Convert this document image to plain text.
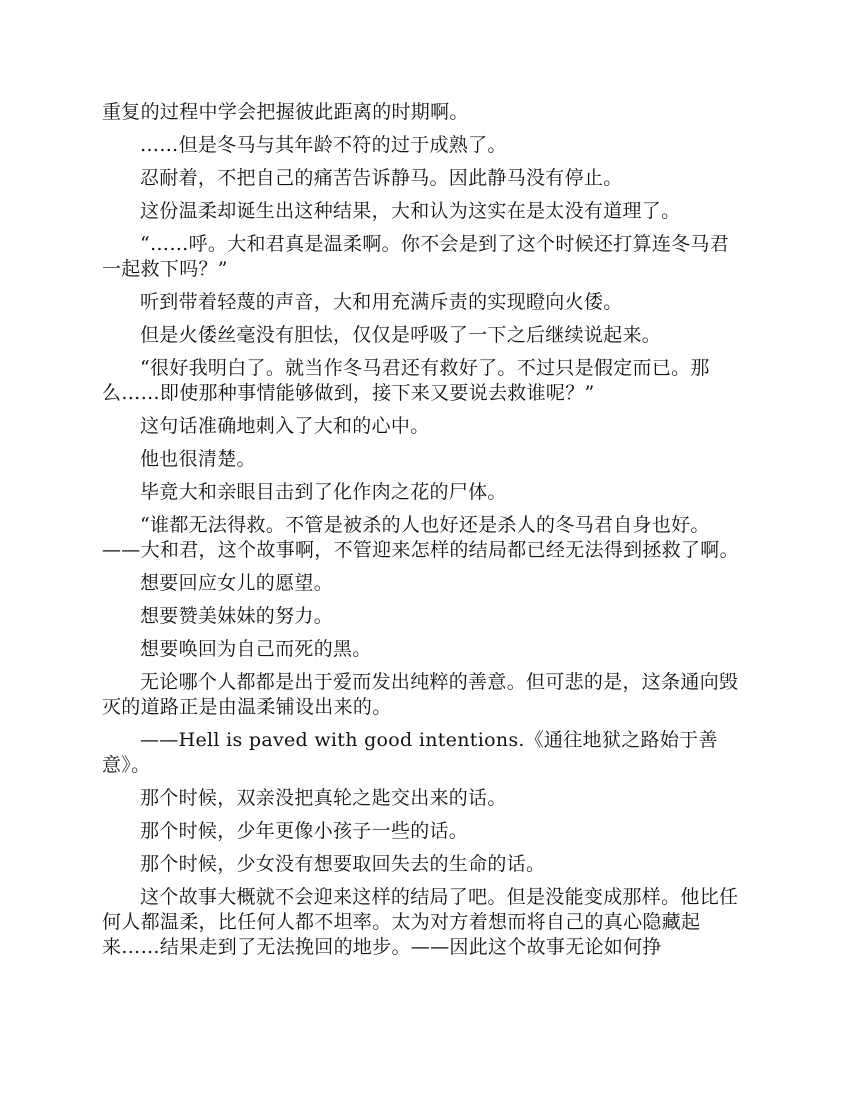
重复的过程中学会把握彼此距离的时期啊。

……但是冬马与其年龄不符的过于成熟了。

忍耐着，不把自己的痛苦告诉静马。因此静马没有停止。

这份温柔却诞生出这种结果，大和认为这实在是太没有道理了。

“……呼。大和君真是温柔啊。你不会是到了这个时候还打算连冬马君一起救下吗？”

听到带着轻蔑的声音，大和用充满斥责的实现瞪向火倭。

但是火倭丝毫没有胆怯，仅仅是呼吸了一下之后继续说起来。

“很好我明白了。就当作冬马君还有救好了。不过只是假定而已。那么……即使那种事情能够做到，接下来又要说去救谁呢？”

这句话准确地刺入了大和的心中。

他也很清楚。

毕竟大和亲眼目击到了化作肉之花的尸体。

“谁都无法得救。不管是被杀的人也好还是杀人的冬马君自身也好。——大和君，这个故事啊，不管迎来怎样的结局都已经无法得到拯救了啊。

想要回应女儿的愿望。

想要赞美妹妹的努力。

想要唤回为自己而死的黑。

无论哪个人都都是出于爱而发出纯粹的善意。但可悲的是，这条通向毁灭的道路正是由温柔铺设出来的。

——Hell is paved with good intentions.《通往地狱之路始于善意》。

那个时候，双亲没把真轮之匙交出来的话。

那个时候，少年更像小孩子一些的话。

那个时候，少女没有想要取回失去的生命的话。

这个故事大概就不会迎来这样的结局了吧。但是没能变成那样。他比任何人都温柔，比任何人都不坦率。太为对方着想而将自己的真心隐藏起来……结果走到了无法挽回的地步。——因此这个故事无论如何挣
